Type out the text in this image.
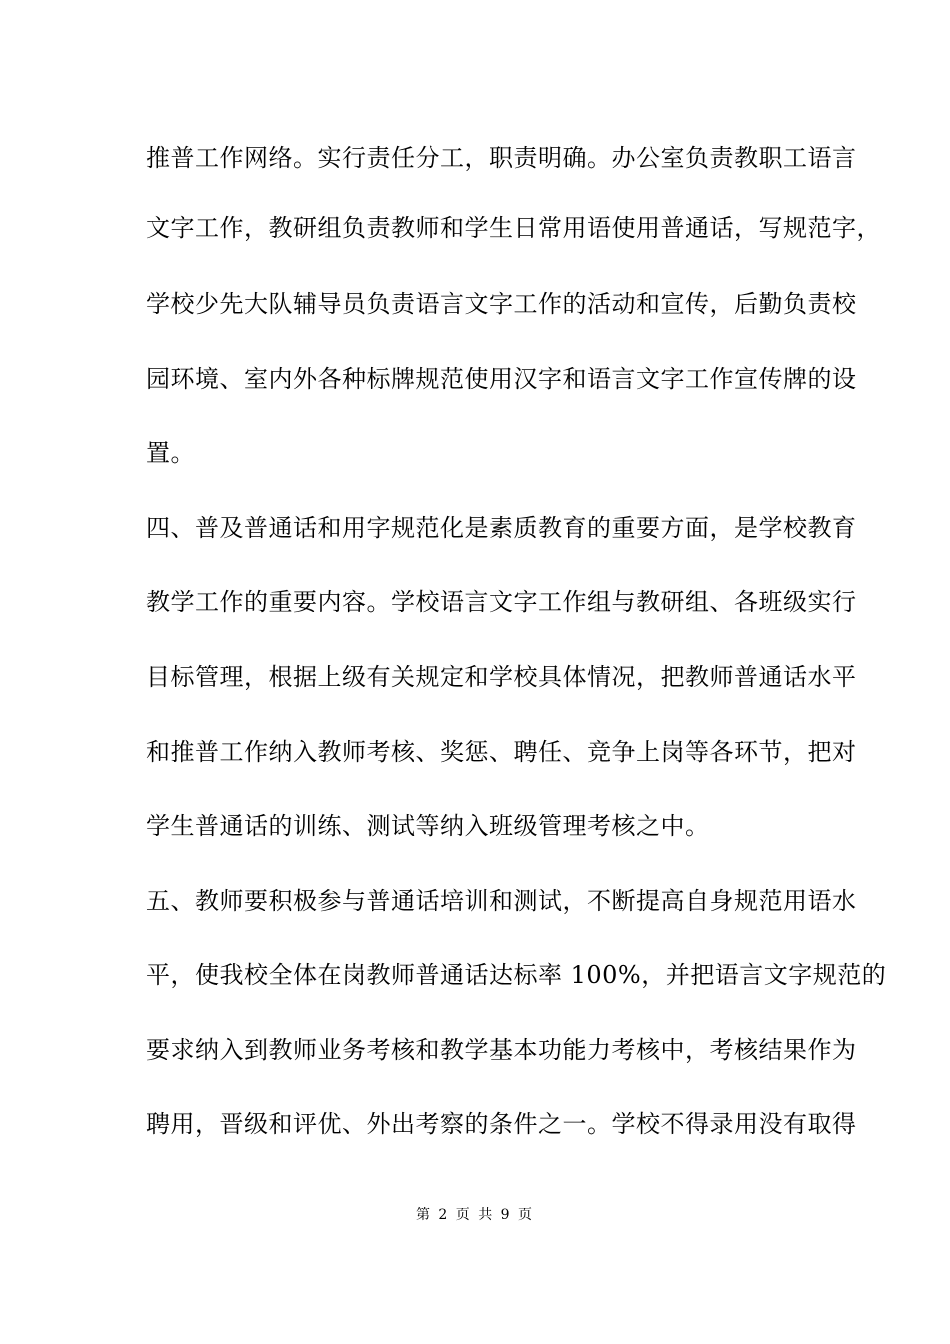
推普工作网络。实行责任分工，职责明确。办公室负责教职工语言
文字工作，教研组负责教师和学生日常用语使用普通话，写规范字，
学校少先大队辅导员负责语言文字工作的活动和宣传，后勤负责校
园环境、室内外各种标牌规范使用汉字和语言文字工作宣传牌的设
置。
四、普及普通话和用字规范化是素质教育的重要方面，是学校教育
教学工作的重要内容。学校语言文字工作组与教研组、各班级实行
目标管理，根据上级有关规定和学校具体情况，把教师普通话水平
和推普工作纳入教师考核、奖惩、聘任、竞争上岗等各环节，把对
学生普通话的训练、测试等纳入班级管理考核之中。
五、教师要积极参与普通话培训和测试，不断提高自身规范用语水
平，使我校全体在岗教师普通话达标率 100%，并把语言文字规范的
要求纳入到教师业务考核和教学基本功能力考核中，考核结果作为
聘用，晋级和评优、外出考察的条件之一。学校不得录用没有取得
第 2 页 共 9 页
